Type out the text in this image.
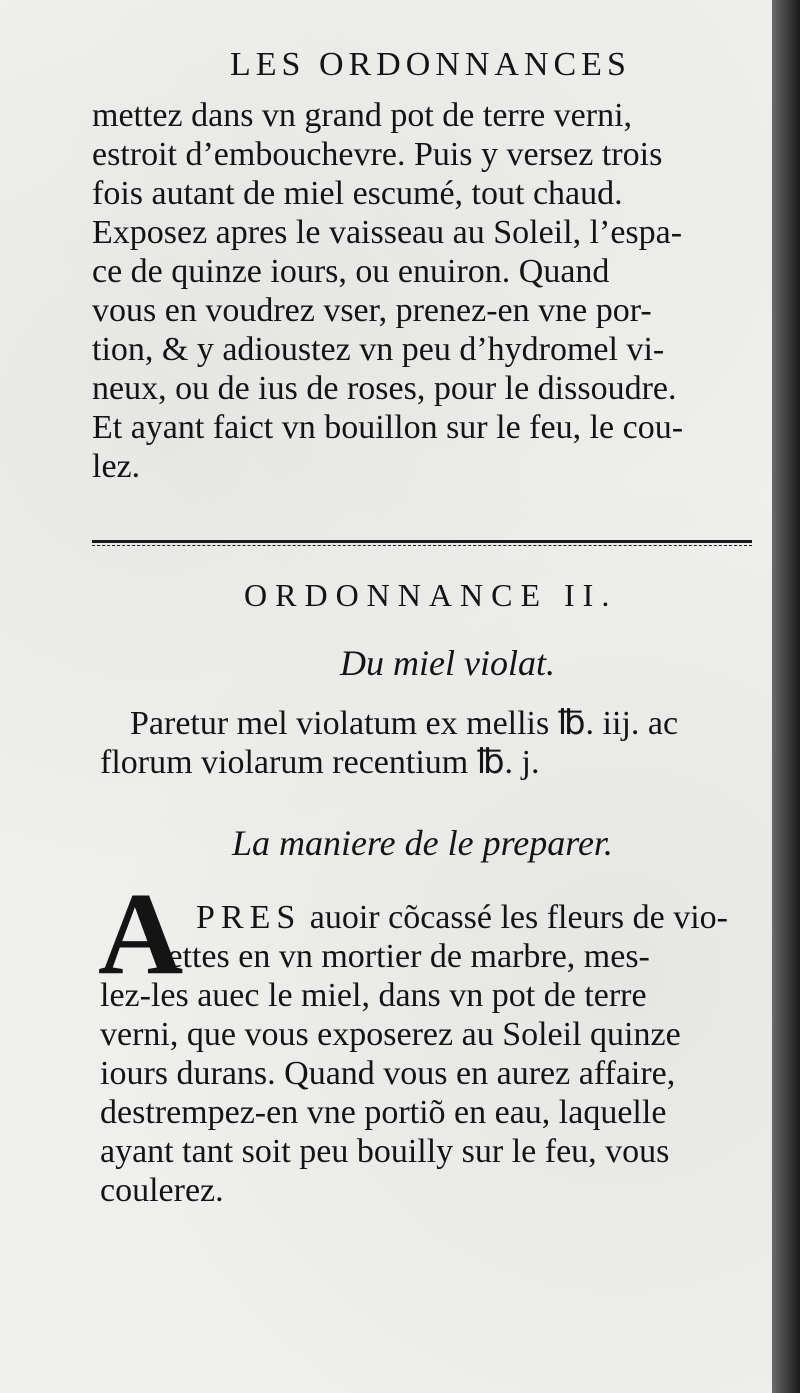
LES ORDONNANCES
mettez dans vn grand pot de terre verni,
estroit d’embouchevre. Puis y versez trois
fois autant de miel escumé, tout chaud.
Exposez apres le vaisseau au Soleil, l’espa-
ce de quinze iours, ou enuiron. Quand
vous en voudrez vser, prenez-en vne por-
tion, & y adioustez vn peu d’hydromel vi-
neux, ou de ius de roses, pour le dissoudre.
Et ayant faict vn bouillon sur le feu, le cou-
lez.
ORDONNANCE II.
Du miel violat.
Paretur mel violatum ex mellis ℔. iij. ac
florum violarum recentium ℔. j.
La maniere de le preparer.
A PRES auoir cõcassé les fleurs de vio-
lettes en vn mortier de marbre, mes-
lez-les auec le miel, dans vn pot de terre
verni, que vous exposerez au Soleil quinze
iours durans. Quand vous en aurez affaire,
destrempez-en vne portiõ en eau, laquelle
ayant tant soit peu bouilly sur le feu, vous
coulerez.
